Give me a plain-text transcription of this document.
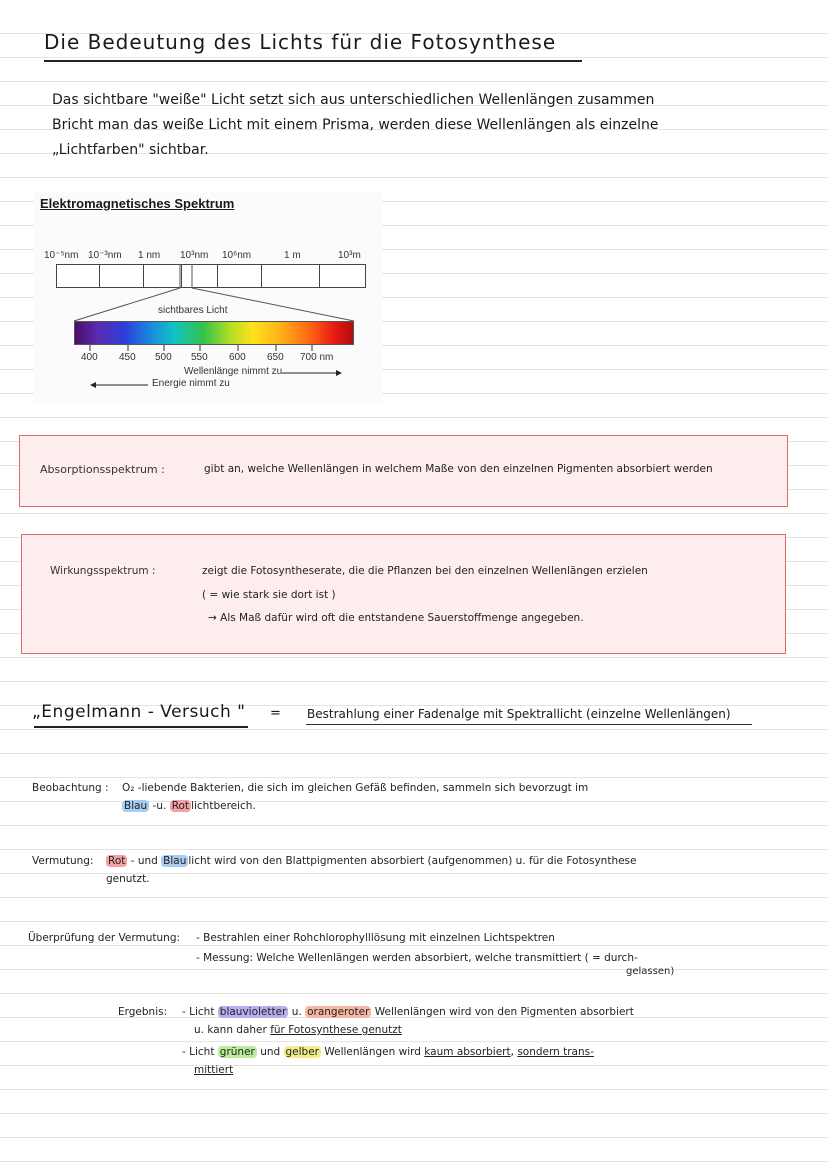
Die Bedeutung des Lichts für die Fotosynthese

Das sichtbare "weiße" Licht setzt sich aus unterschiedlichen Wellenlängen zusammen

Bricht man das weiße Licht mit einem Prisma, werden diese Wellenlängen als einzelne

„Lichtfarben" sichtbar.

Elektromagnetisches Spektrum
10⁻⁵nm 10⁻³nm 1 nm 10³nm 10⁶nm	1 m	10³m
sichtbares Licht
400 450 500 550 600 650 700 nm
Wellenlänge nimmt zu
Energie nimmt zu
Absorptionsspektrum :	gibt an, welche Wellenlängen in welchem Maße von den einzelnen Pigmenten absorbiert werden
Wirkungsspektrum :	zeigt die Fotosyntheserate, die die Pflanzen bei den einzelnen Wellenlängen erzielen
( = wie stark sie dort ist )
→ Als Maß dafür wird oft die entstandene Sauerstoffmenge angegeben.
„Engelmann - Versuch " = Bestrahlung einer Fadenalge mit Spektrallicht (einzelne Wellenlängen)
Beobachtung : O₂ -liebende Bakterien, die sich im gleichen Gefäß befinden, sammeln sich bevorzugt im
Blau -u. Rot lichtbereich.
Vermutung: Rot - und Blau licht wird von den Blattpigmenten absorbiert (aufgenommen) u. für die Fotosynthese
genutzt.
Überprüfung der Vermutung: - Bestrahlen einer Rohchlorophylllösung mit einzelnen Lichtspektren
- Messung: Welche Wellenlängen werden absorbiert, welche transmittiert ( = durch-
gelassen)
Ergebnis: - Licht blauvioletter u. orangeroter Wellenlängen wird von den Pigmenten absorbiert
u. kann daher für Fotosynthese genutzt
- Licht grüner und gelber Wellenlängen wird kaum absorbiert, sondern trans-
mittiert
